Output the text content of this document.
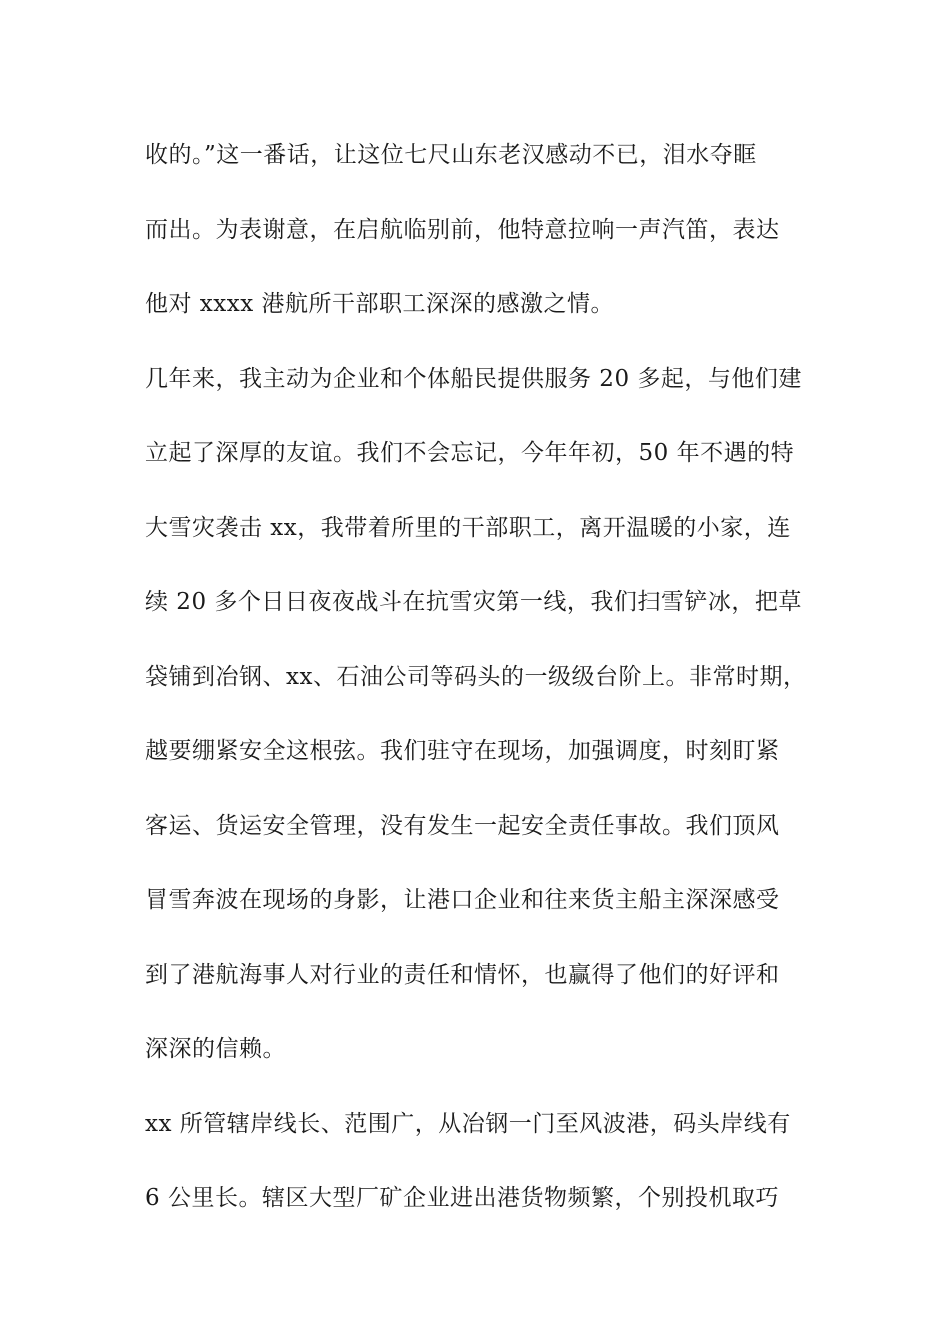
收的。”这一番话，让这位七尺山东老汉感动不已，泪水夺眶
而出。为表谢意，在启航临别前，他特意拉响一声汽笛，表达
他对 xxxx 港航所干部职工深深的感激之情。
几年来，我主动为企业和个体船民提供服务 20 多起，与他们建
立起了深厚的友谊。我们不会忘记，今年年初，50 年不遇的特
大雪灾袭击 xx，我带着所里的干部职工，离开温暖的小家，连
续 20 多个日日夜夜战斗在抗雪灾第一线，我们扫雪铲冰，把草
袋铺到冶钢、xx、石油公司等码头的一级级台阶上。非常时期，
越要绷紧安全这根弦。我们驻守在现场，加强调度，时刻盯紧
客运、货运安全管理，没有发生一起安全责任事故。我们顶风
冒雪奔波在现场的身影，让港口企业和往来货主船主深深感受
到了港航海事人对行业的责任和情怀，也赢得了他们的好评和
深深的信赖。
xx 所管辖岸线长、范围广，从冶钢一门至风波港，码头岸线有
6 公里长。辖区大型厂矿企业进出港货物频繁，个别投机取巧
